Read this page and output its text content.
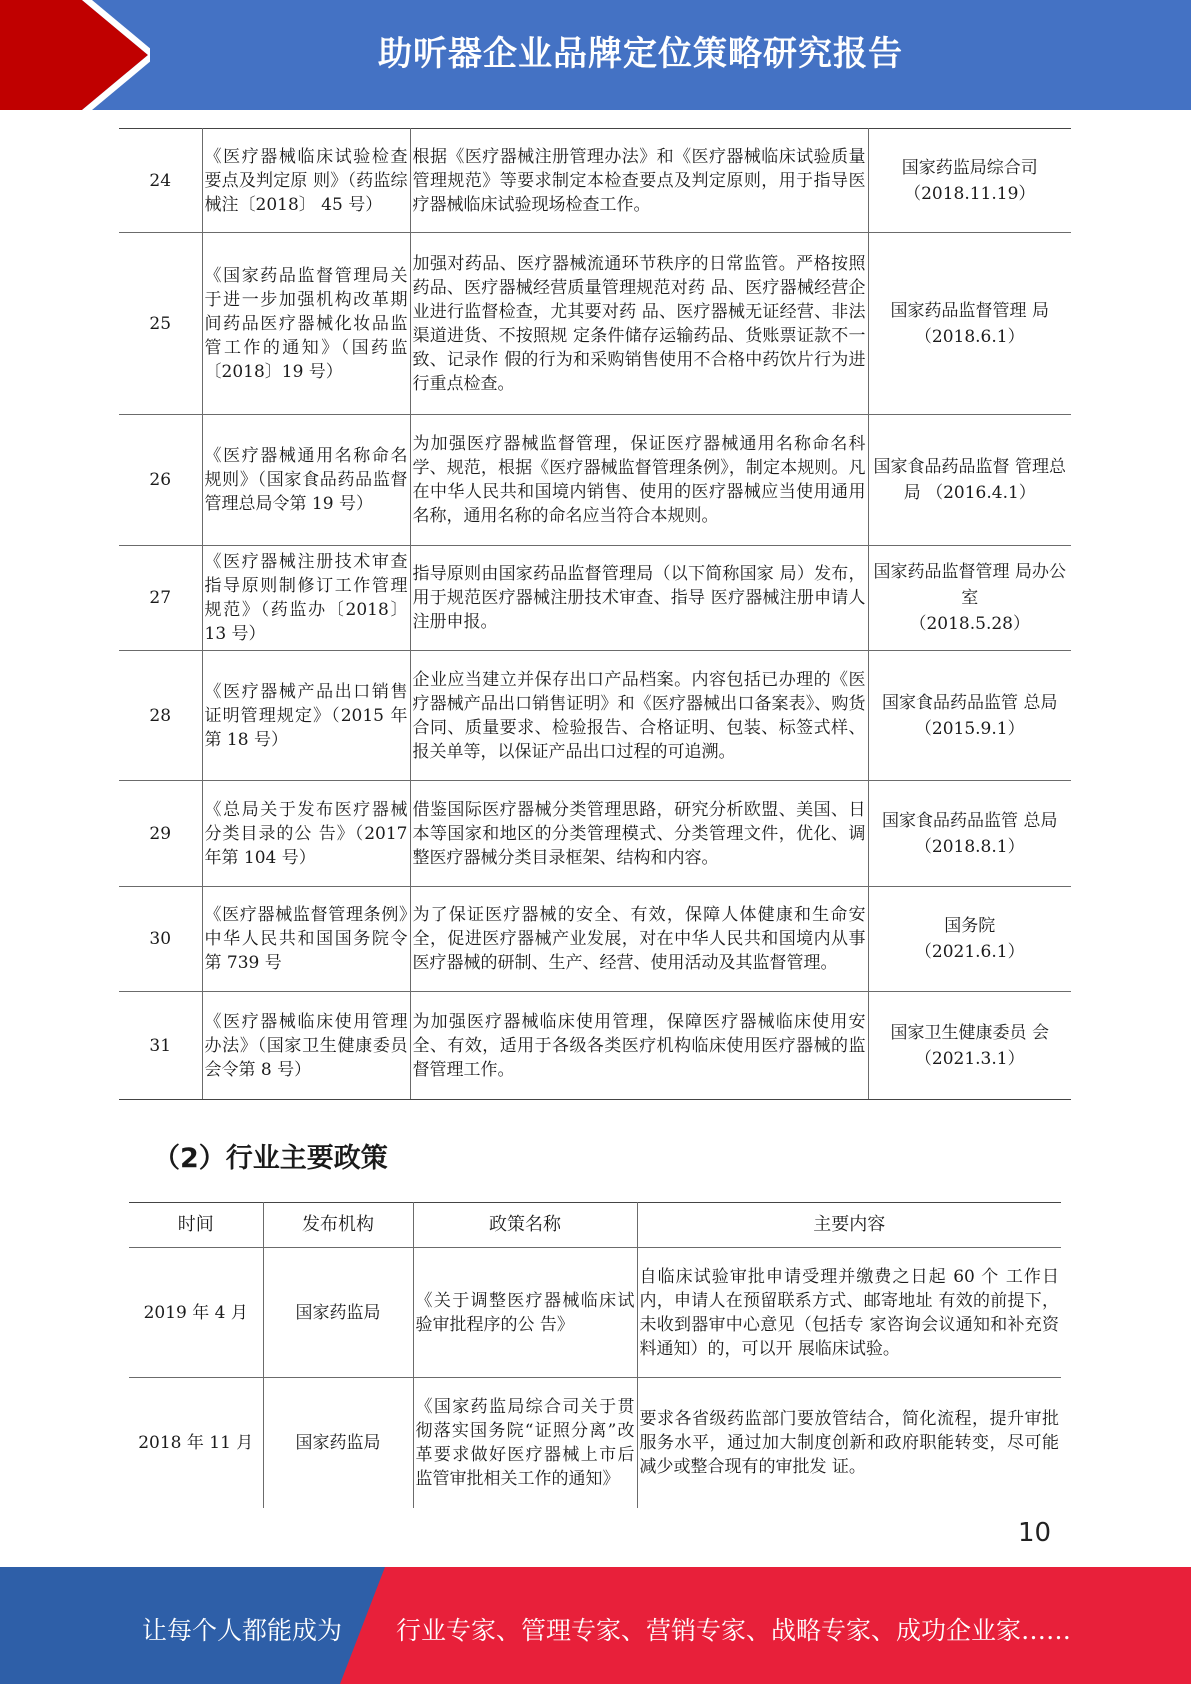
助听器企业品牌定位策略研究报告
24	《医疗器械临床试验检查要点及判定原 则》（药监综械注〔2018〕 45 号）	根据《医疗器械注册管理办法》和《医疗器械临床试验质量管理规范》等要求制定本检查要点及判定原则，用于指导医疗器械临床试验现场检查工作。	国家药监局综合司
（2018.11.19）

25	《国家药品监督管理局关于进一步加强机构改革期间药品医疗器械化妆品监管工作的通知》（国药监〔2018〕19 号）	加强对药品、医疗器械流通环节秩序的日常监管。严格按照药品、医疗器械经营质量管理规范对药 品、医疗器械经营企业进行监督检查，尤其要对药 品、医疗器械无证经营、非法渠道进货、不按照规 定条件储存运输药品、货账票证款不一致、记录作 假的行为和采购销售使用不合格中药饮片行为进 行重点检查。	国家药品监督管理 局
（2018.6.1）

26	《医疗器械通用名称命名规则》（国家食品药品监督管理总局令第 19 号）	为加强医疗器械监督管理，保证医疗器械通用名称命名科学、规范，根据《医疗器械监督管理条例》，制定本规则。凡在中华人民共和国境内销售、使用的医疗器械应当使用通用名称，通用名称的命名应当符合本规则。	国家食品药品监督 管理总局 （2016.4.1）

27	《医疗器械注册技术审查指导原则制修订工作管理规范》（药监办〔2018〕13 号）	指导原则由国家药品监督管理局（以下简称国家 局）发布，用于规范医疗器械注册技术审查、指导 医疗器械注册申请人注册申报。	国家药品监督管理 局办公室
（2018.5.28）

28	《医疗器械产品出口销售证明管理规定》（2015 年第 18 号）	企业应当建立并保存出口产品档案。内容包括已办理的《医疗器械产品出口销售证明》和《医疗器械出口备案表》、购货合同、质量要求、检验报告、合格证明、包装、标签式样、报关单等，以保证产品出口过程的可追溯。	国家食品药品监管 总局
（2015.9.1）

29	《总局关于发布医疗器械分类目录的公 告》（2017 年第 104 号）	借鉴国际医疗器械分类管理思路，研究分析欧盟、美国、日本等国家和地区的分类管理模式、分类管理文件，优化、调整医疗器械分类目录框架、结构和内容。	国家食品药品监管 总局
（2018.8.1）

30	《医疗器械监督管理条例》中华人民共和国国务院令第 739 号	为了保证医疗器械的安全、有效，保障人体健康和生命安全，促进医疗器械产业发展，对在中华人民共和国境内从事医疗器械的研制、生产、经营、使用活动及其监督管理。	国务院
（2021.6.1）

31	《医疗器械临床使用管理办法》（国家卫生健康委员会令第 8 号）	为加强医疗器械临床使用管理，保障医疗器械临床使用安全、有效，适用于各级各类医疗机构临床使用医疗器械的监督管理工作。	国家卫生健康委员 会
（2021.3.1）
（2）行业主要政策
时间	发布机构	政策名称	主要内容
2019 年 4 月	国家药监局	《关于调整医疗器械临床试验审批程序的公 告》	自临床试验审批申请受理并缴费之日起 60 个 工作日内，申请人在预留联系方式、邮寄地址 有效的前提下，未收到器审中心意见（包括专 家咨询会议通知和补充资料通知）的，可以开 展临床试验。
2018 年 11 月	国家药监局	《国家药监局综合司关于贯彻落实国务院“证照分离”改革要求做好医疗器械上市后监管审批相关工作的通知》	要求各省级药监部门要放管结合，简化流程，提升审批服务水平，通过加大制度创新和政府职能转变，尽可能减少或整合现有的审批发 证。
10
让每个人都能成为 行业专家、管理专家、营销专家、战略专家、成功企业家……
